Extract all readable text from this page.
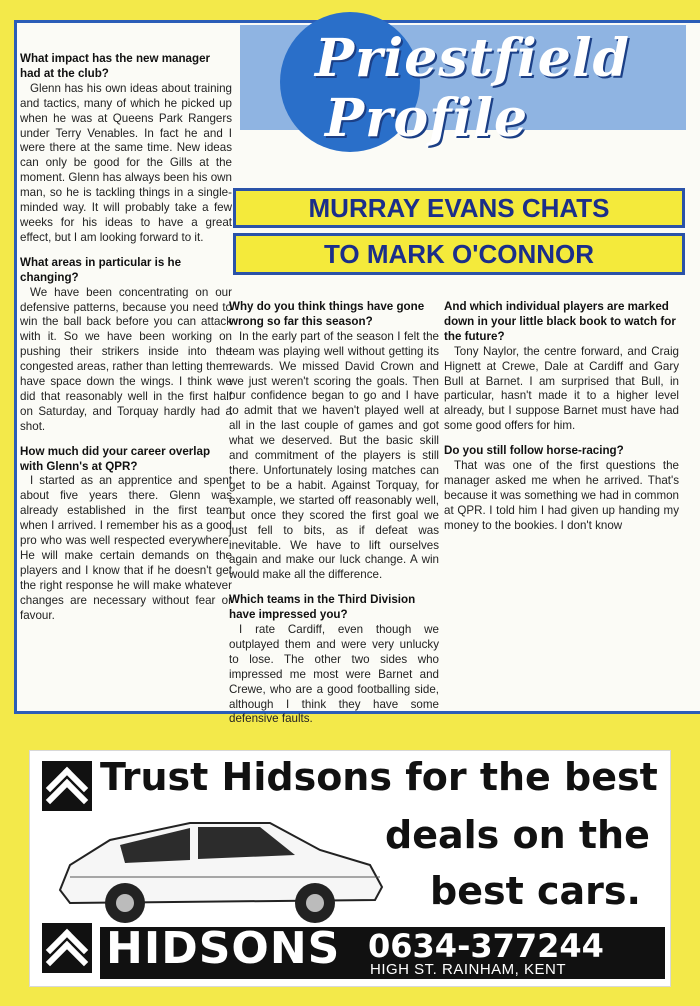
Priestfield
Profile
MURRAY EVANS CHATS
TO MARK O'CONNOR

What impact has the new manager had at the club?

Glenn has his own ideas about training and tactics, many of which he picked up when he was at Queens Park Rangers under Terry Venables. In fact he and I were there at the same time. New ideas can only be good for the Gills at the moment. Glenn has always been his own man, so he is tackling things in a single-minded way. It will probably take a few weeks for his ideas to have a great effect, but I am looking forward to it.

What areas in particular is he changing?

We have been concentrating on our defensive patterns, because you need to win the ball back before you can attack with it. So we have been working on pushing their strikers inside into the congested areas, rather than letting them have space down the wings. I think we did that reasonably well in the first half on Saturday, and Torquay hardly had a shot.

How much did your career overlap with Glenn's at QPR?

I started as an apprentice and spent about five years there. Glenn was already established in the first team when I arrived. I remember his as a good pro who was well respected everywhere. He will make certain demands on the players and I know that if he doesn't get the right response he will make whatever changes are necessary without fear or favour.

Why do you think things have gone wrong so far this season?

In the early part of the season I felt the team was playing well without getting its rewards. We missed David Crown and we just weren't scoring the goals. Then our confidence began to go and I have to admit that we haven't played well at all in the last couple of games and got what we deserved. But the basic skill and commitment of the players is still there. Unfortunately losing matches can get to be a habit. Against Torquay, for example, we started off reasonably well, but once they scored the first goal we just fell to bits, as if defeat was inevitable. We have to lift ourselves again and make our luck change. A win would make all the difference.

Which teams in the Third Division have impressed you?

I rate Cardiff, even though we outplayed them and were very unlucky to lose. The other two sides who impressed me most were Barnet and Crewe, who are a good footballing side, although I think they have some defensive faults.

And which individual players are marked down in your little black book to watch for the future?

Tony Naylor, the centre forward, and Craig Hignett at Crewe, Dale at Cardiff and Gary Bull at Barnet. I am surprised that Bull, in particular, hasn't made it to a higher level already, but I suppose Barnet must have had some good offers for him.

Do you still follow horse-racing?

That was one of the first questions the manager asked me when he arrived. That's because it was something we had in common at QPR. I told him I had given up handing my money to the bookies. I don't know

Trust Hidsons for the best
deals on the
best cars.
HIDSONS 0634-377244
HIGH ST. RAINHAM, KENT
